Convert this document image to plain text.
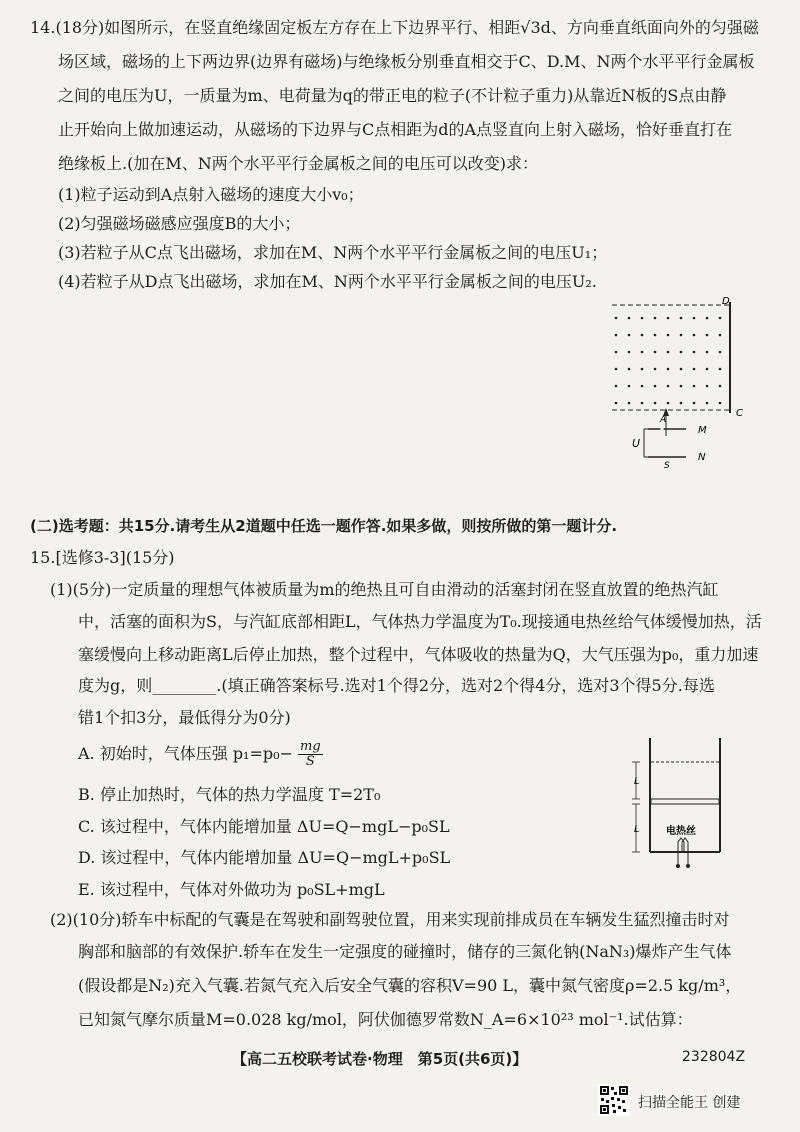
14.(18分)如图所示，在竖直绝缘固定板左方存在上下边界平行、相距√3d、方向垂直纸面向外的匀强磁
场区域，磁场的上下两边界(边界有磁场)与绝缘板分别垂直相交于C、D.M、N两个水平平行金属板
之间的电压为U，一质量为m、电荷量为q的带正电的粒子(不计粒子重力)从靠近N板的S点由静
止开始向上做加速运动，从磁场的下边界与C点相距为d的A点竖直向上射入磁场，恰好垂直打在
绝缘板上.(加在M、N两个水平平行金属板之间的电压可以改变)求：
(1)粒子运动到A点射入磁场的速度大小v₀；
(2)匀强磁场磁感应强度B的大小；
(3)若粒子从C点飞出磁场，求加在M、N两个水平平行金属板之间的电压U₁；
(4)若粒子从D点飞出磁场，求加在M、N两个水平平行金属板之间的电压U₂.
D
C
A
M
N
S
U
(二)选考题：共15分.请考生从2道题中任选一题作答.如果多做，则按所做的第一题计分.
15.[选修3-3](15分)
(1)(5分)一定质量的理想气体被质量为m的绝热且可自由滑动的活塞封闭在竖直放置的绝热汽缸
中，活塞的面积为S，与汽缸底部相距L，气体热力学温度为T₀.现接通电热丝给气体缓慢加热，活
塞缓慢向上移动距离L后停止加热，整个过程中，气体吸收的热量为Q，大气压强为p₀，重力加速
度为g，则________.(填正确答案标号.选对1个得2分，选对2个得4分，选对3个得5分.每选
错1个扣3分，最低得分为0分)
A. 初始时，气体压强 $p_1=p_0- \frac{mg}{S}$
B. 停止加热时，气体的热力学温度 T=2T₀
C. 该过程中，气体内能增加量 ΔU=Q−mgL−p₀SL
D. 该过程中，气体内能增加量 ΔU=Q−mgL+p₀SL
E. 该过程中，气体对外做功为 p₀SL+mgL
L
L	电热丝
(2)(10分)轿车中标配的气囊是在驾驶和副驾驶位置，用来实现前排成员在车辆发生猛烈撞击时对
胸部和脑部的有效保护.轿车在发生一定强度的碰撞时，储存的三氮化钠(NaN₃)爆炸产生气体
(假设都是N₂)充入气囊.若氮气充入后安全气囊的容积V=90 L，囊中氮气密度ρ=2.5 kg/m³，
已知氮气摩尔质量M=0.028 kg/mol，阿伏伽德罗常数N_A=6×10²³ mol⁻¹.试估算：
【高二五校联考试卷·物理　第5页(共6页)】	232804Z
扫描全能王 创建
